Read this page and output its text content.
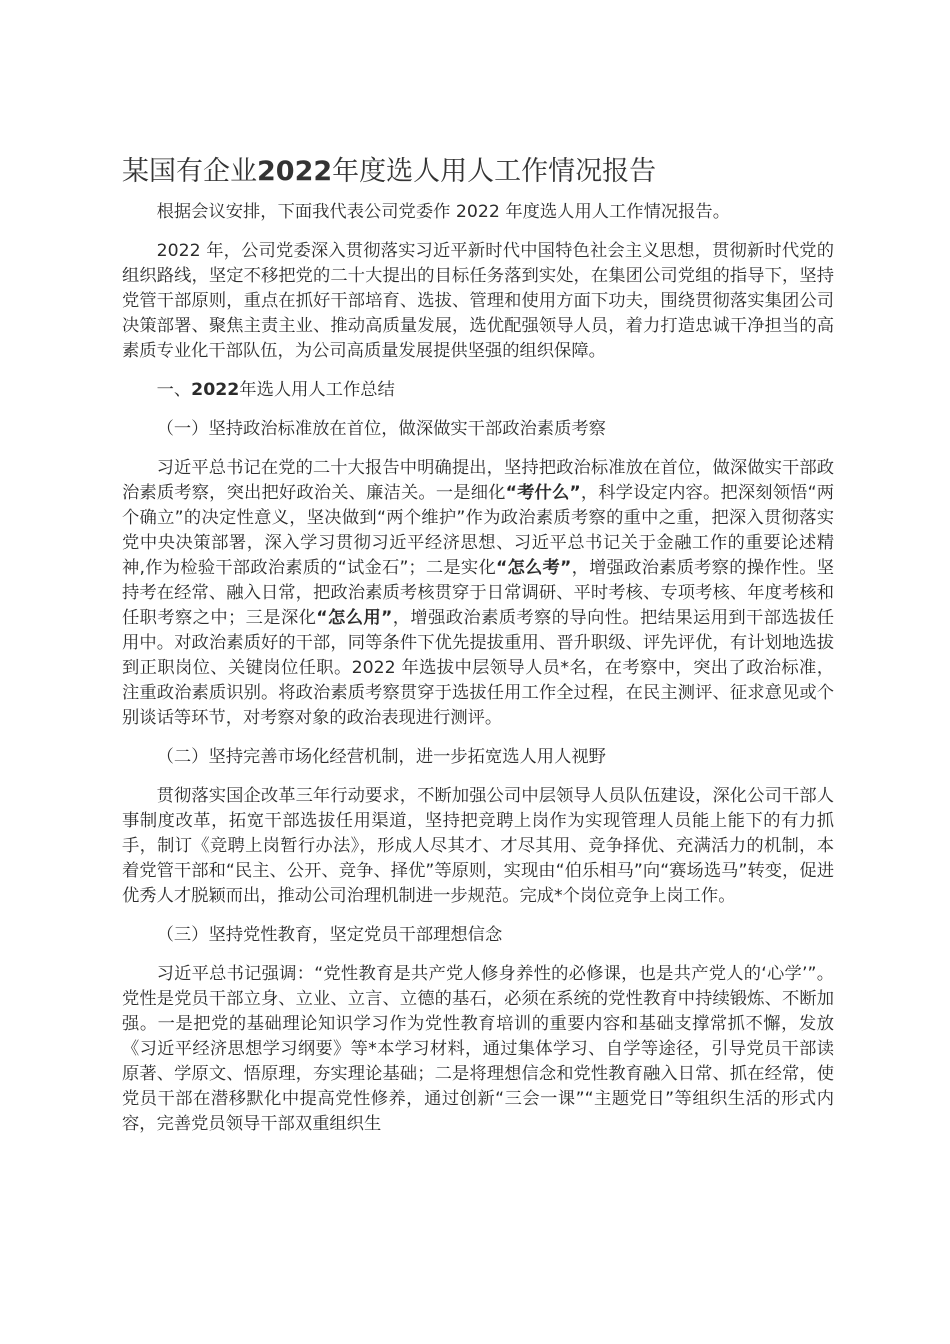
某国有企业2022年度选人用人工作情况报告

根据会议安排，下面我代表公司党委作 2022 年度选人用人工作情况报告。

2022 年，公司党委深入贯彻落实习近平新时代中国特色社会主义思想，贯彻新时代党的组织路线，坚定不移把党的二十大提出的目标任务落到实处，在集团公司党组的指导下，坚持党管干部原则，重点在抓好干部培育、选拔、管理和使用方面下功夫，围绕贯彻落实集团公司决策部署、聚焦主责主业、推动高质量发展，选优配强领导人员，着力打造忠诚干净担当的高素质专业化干部队伍，为公司高质量发展提供坚强的组织保障。

一、2022年选人用人工作总结

（一）坚持政治标准放在首位，做深做实干部政治素质考察

习近平总书记在党的二十大报告中明确提出，坚持把政治标准放在首位，做深做实干部政治素质考察，突出把好政治关、廉洁关。一是细化“考什么”，科学设定内容。把深刻领悟“两个确立”的决定性意义，坚决做到“两个维护”作为政治素质考察的重中之重，把深入贯彻落实党中央决策部署，深入学习贯彻习近平经济思想、习近平总书记关于金融工作的重要论述精神,作为检验干部政治素质的“试金石”；二是实化“怎么考”，增强政治素质考察的操作性。坚持考在经常、融入日常，把政治素质考核贯穿于日常调研、平时考核、专项考核、年度考核和任职考察之中；三是深化“怎么用”，增强政治素质考察的导向性。把结果运用到干部选拔任用中。对政治素质好的干部，同等条件下优先提拔重用、晋升职级、评先评优，有计划地选拔到正职岗位、关键岗位任职。2022 年选拔中层领导人员*名，在考察中，突出了政治标准，注重政治素质识别。将政治素质考察贯穿于选拔任用工作全过程，在民主测评、征求意见或个别谈话等环节，对考察对象的政治表现进行测评。

（二）坚持完善市场化经营机制，进一步拓宽选人用人视野

贯彻落实国企改革三年行动要求，不断加强公司中层领导人员队伍建设，深化公司干部人事制度改革，拓宽干部选拔任用渠道，坚持把竞聘上岗作为实现管理人员能上能下的有力抓手，制订《竞聘上岗暂行办法》，形成人尽其才、才尽其用、竞争择优、充满活力的机制，本着党管干部和“民主、公开、竞争、择优”等原则，实现由“伯乐相马”向“赛场选马”转变，促进优秀人才脱颖而出，推动公司治理机制进一步规范。完成*个岗位竞争上岗工作。

（三）坚持党性教育，坚定党员干部理想信念

习近平总书记强调：“党性教育是共产党人修身养性的必修课，也是共产党人的‘心学’”。党性是党员干部立身、立业、立言、立德的基石，必须在系统的党性教育中持续锻炼、不断加强。一是把党的基础理论知识学习作为党性教育培训的重要内容和基础支撑常抓不懈，发放《习近平经济思想学习纲要》等*本学习材料，通过集体学习、自学等途径，引导党员干部读原著、学原文、悟原理，夯实理论基础；二是将理想信念和党性教育融入日常、抓在经常，使党员干部在潜移默化中提高党性修养，通过创新“三会一课”“主题党日”等组织生活的形式内容，完善党员领导干部双重组织生
